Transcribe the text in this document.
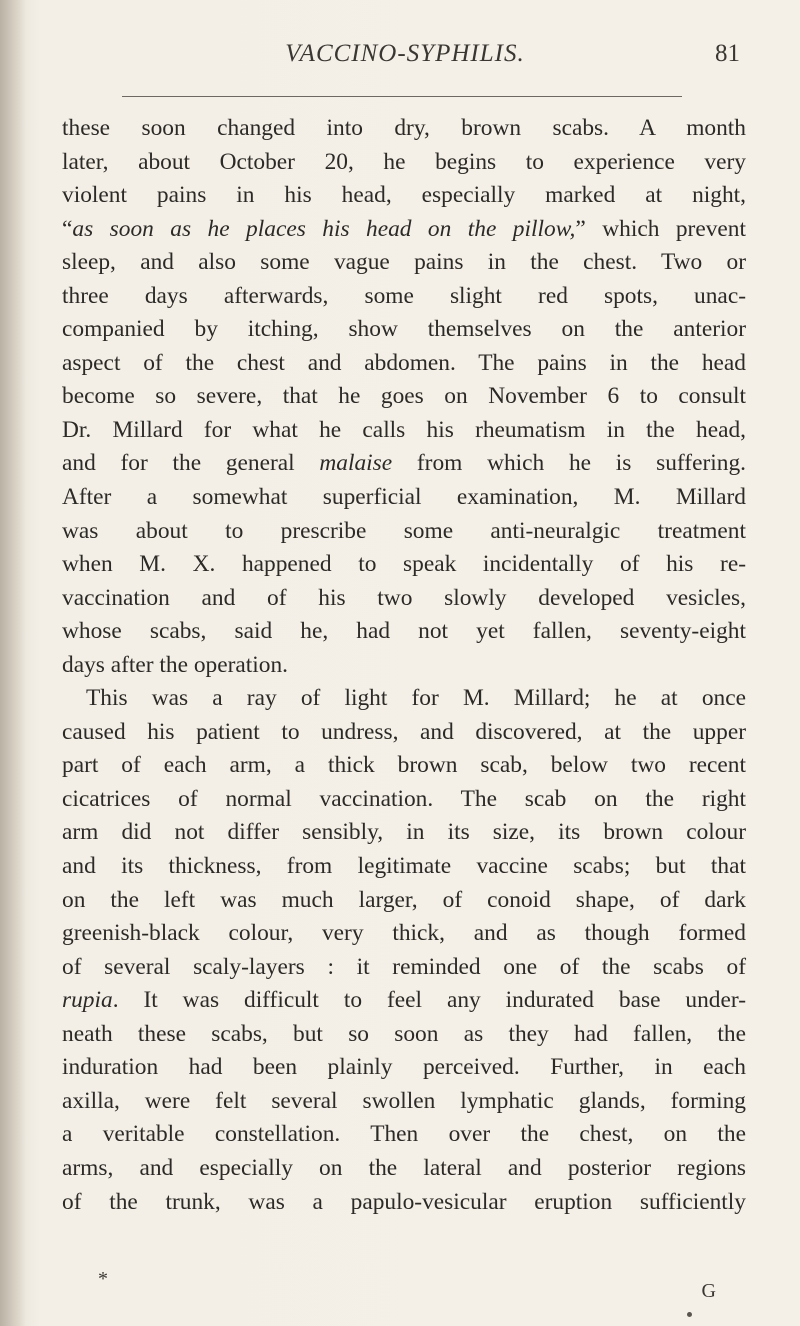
VACCINO-SYPHILIS.	81
these soon changed into dry, brown scabs. A month
later, about October 20, he begins to experience very
violent pains in his head, especially marked at night,
“as soon as he places his head on the pillow,” which prevent
sleep, and also some vague pains in the chest. Two or
three days afterwards, some slight red spots, unac-
companied by itching, show themselves on the anterior
aspect of the chest and abdomen. The pains in the head
become so severe, that he goes on November 6 to consult
Dr. Millard for what he calls his rheumatism in the head,
and for the general malaise from which he is suffering.
After a somewhat superficial examination, M. Millard
was about to prescribe some anti-neuralgic treatment
when M. X. happened to speak incidentally of his re-
vaccination and of his two slowly developed vesicles,
whose scabs, said he, had not yet fallen, seventy-eight
days after the operation.
This was a ray of light for M. Millard; he at once
caused his patient to undress, and discovered, at the upper
part of each arm, a thick brown scab, below two recent
cicatrices of normal vaccination. The scab on the right
arm did not differ sensibly, in its size, its brown colour
and its thickness, from legitimate vaccine scabs; but that
on the left was much larger, of conoid shape, of dark
greenish-black colour, very thick, and as though formed
of several scaly-layers : it reminded one of the scabs of
rupia. It was difficult to feel any indurated base under-
neath these scabs, but so soon as they had fallen, the
induration had been plainly perceived. Further, in each
axilla, were felt several swollen lymphatic glands, forming
a veritable constellation. Then over the chest, on the
arms, and especially on the lateral and posterior regions
of the trunk, was a papulo-vesicular eruption sufficiently
*
G
